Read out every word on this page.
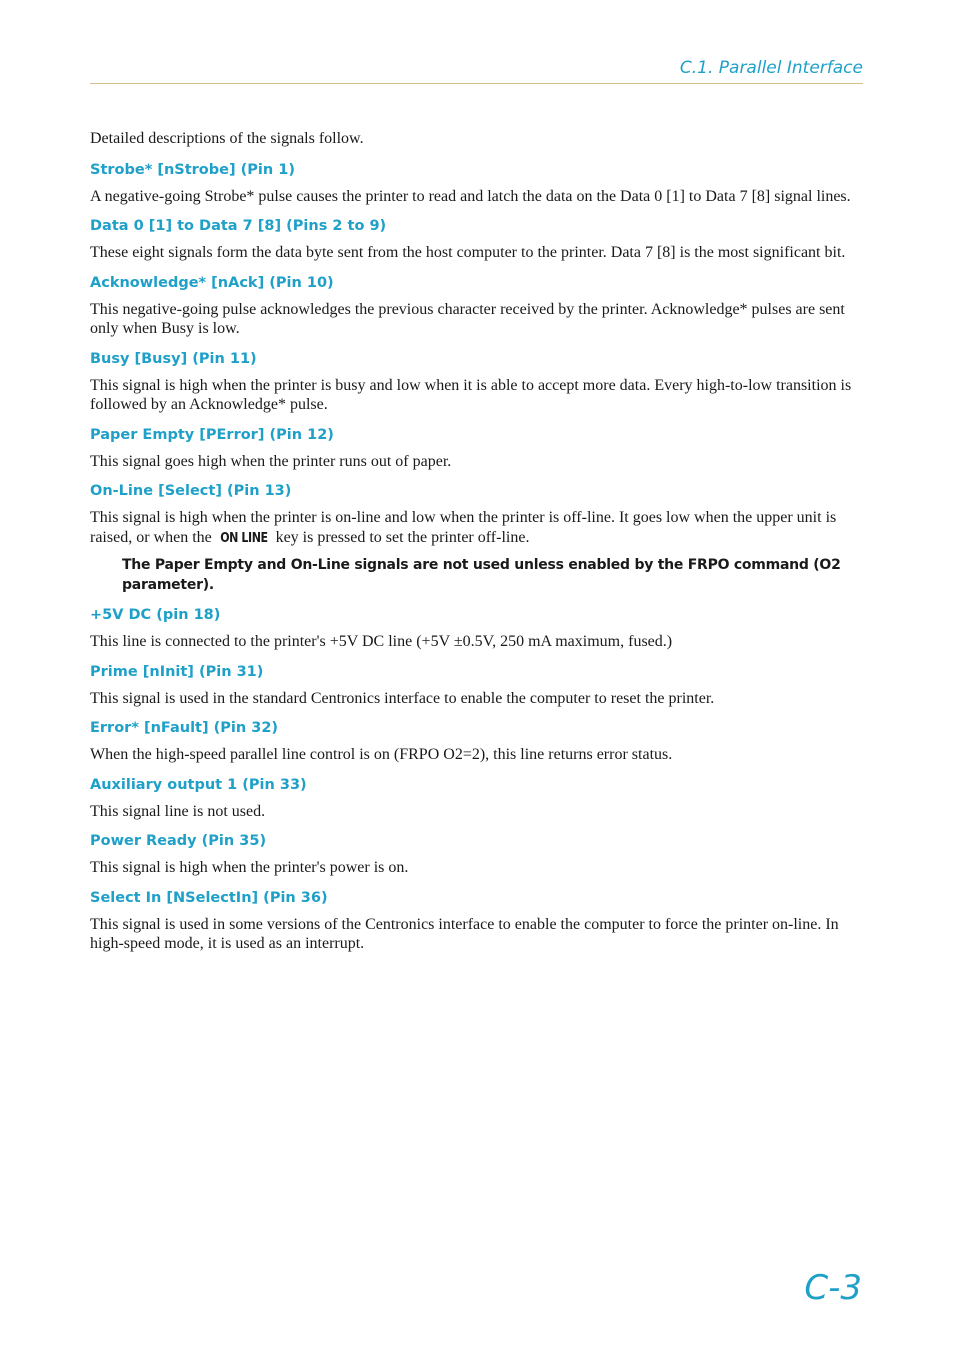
C.1. Parallel Interface

Detailed descriptions of the signals follow.

Strobe* [nStrobe] (Pin 1)

A negative-going Strobe* pulse causes the printer to read and latch the data on the Data 0 [1] to Data 7 [8] signal lines.

Data 0 [1] to Data 7 [8] (Pins 2 to 9)

These eight signals form the data byte sent from the host computer to the printer. Data 7 [8] is the most significant bit.

Acknowledge* [nAck] (Pin 10)

This negative-going pulse acknowledges the previous character received by the printer. Acknowledge* pulses are sent only when Busy is low.

Busy [Busy] (Pin 11)

This signal is high when the printer is busy and low when it is able to accept more data. Every high-to-low transition is followed by an Acknowledge* pulse.

Paper Empty [PError] (Pin 12)

This signal goes high when the printer runs out of paper.

On-Line [Select] (Pin 13)

This signal is high when the printer is on-line and low when the printer is off-line. It goes low when the upper unit is raised, or when the ON LINE key is pressed to set the printer off-line.

The Paper Empty and On-Line signals are not used unless enabled by the FRPO command (O2 parameter).

+5V DC (pin 18)

This line is connected to the printer's +5V DC line (+5V ±0.5V, 250 mA maximum, fused.)

Prime [nInit] (Pin 31)

This signal is used in the standard Centronics interface to enable the computer to reset the printer.

Error* [nFault] (Pin 32)

When the high-speed parallel line control is on (FRPO O2=2), this line returns error status.

Auxiliary output 1 (Pin 33)

This signal line is not used.

Power Ready (Pin 35)

This signal is high when the printer's power is on.

Select In [NSelectIn] (Pin 36)

This signal is used in some versions of the Centronics interface to enable the computer to force the printer on-line. In high-speed mode, it is used as an interrupt.

C-3
